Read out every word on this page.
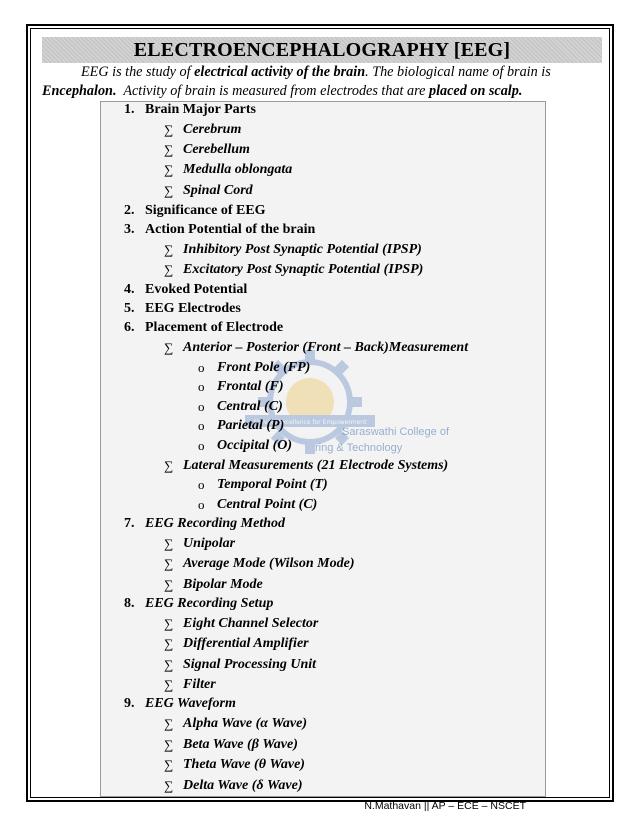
ELECTROENCEPHALOGRAPHY [EEG]

EEG is the study of electrical activity of the brain. The biological name of brain is

Encephalon.  Activity of brain is measured from electrodes that are placed on scalp.

Striving Excellence for Empowerment
Saraswathi College of
ring & Technology
1. Brain Major Parts
∑ Cerebrum
∑ Cerebellum
∑ Medulla oblongata
∑ Spinal Cord
2. Significance of EEG
3. Action Potential of the brain
∑ Inhibitory Post Synaptic Potential (IPSP)
∑ Excitatory Post Synaptic Potential (IPSP)
4. Evoked Potential
5. EEG Electrodes
6. Placement of Electrode
∑ Anterior – Posterior (Front – Back)Measurement
o Front Pole (FP)
o Frontal (F)
o Central (C)
o Parietal (P)
o Occipital (O)
∑ Lateral Measurements (21 Electrode Systems)
o Temporal Point (T)
o Central Point (C)
7. EEG Recording Method
∑ Unipolar
∑ Average Mode (Wilson Mode)
∑ Bipolar Mode
8. EEG Recording Setup
∑ Eight Channel Selector
∑ Differential Amplifier
∑ Signal Processing Unit
∑ Filter
9. EEG Waveform
∑ Alpha Wave (α Wave)
∑ Beta Wave (β Wave)
∑ Theta Wave (θ Wave)
∑ Delta Wave (δ Wave)
N.Mathavan || AP – ECE – NSCET
